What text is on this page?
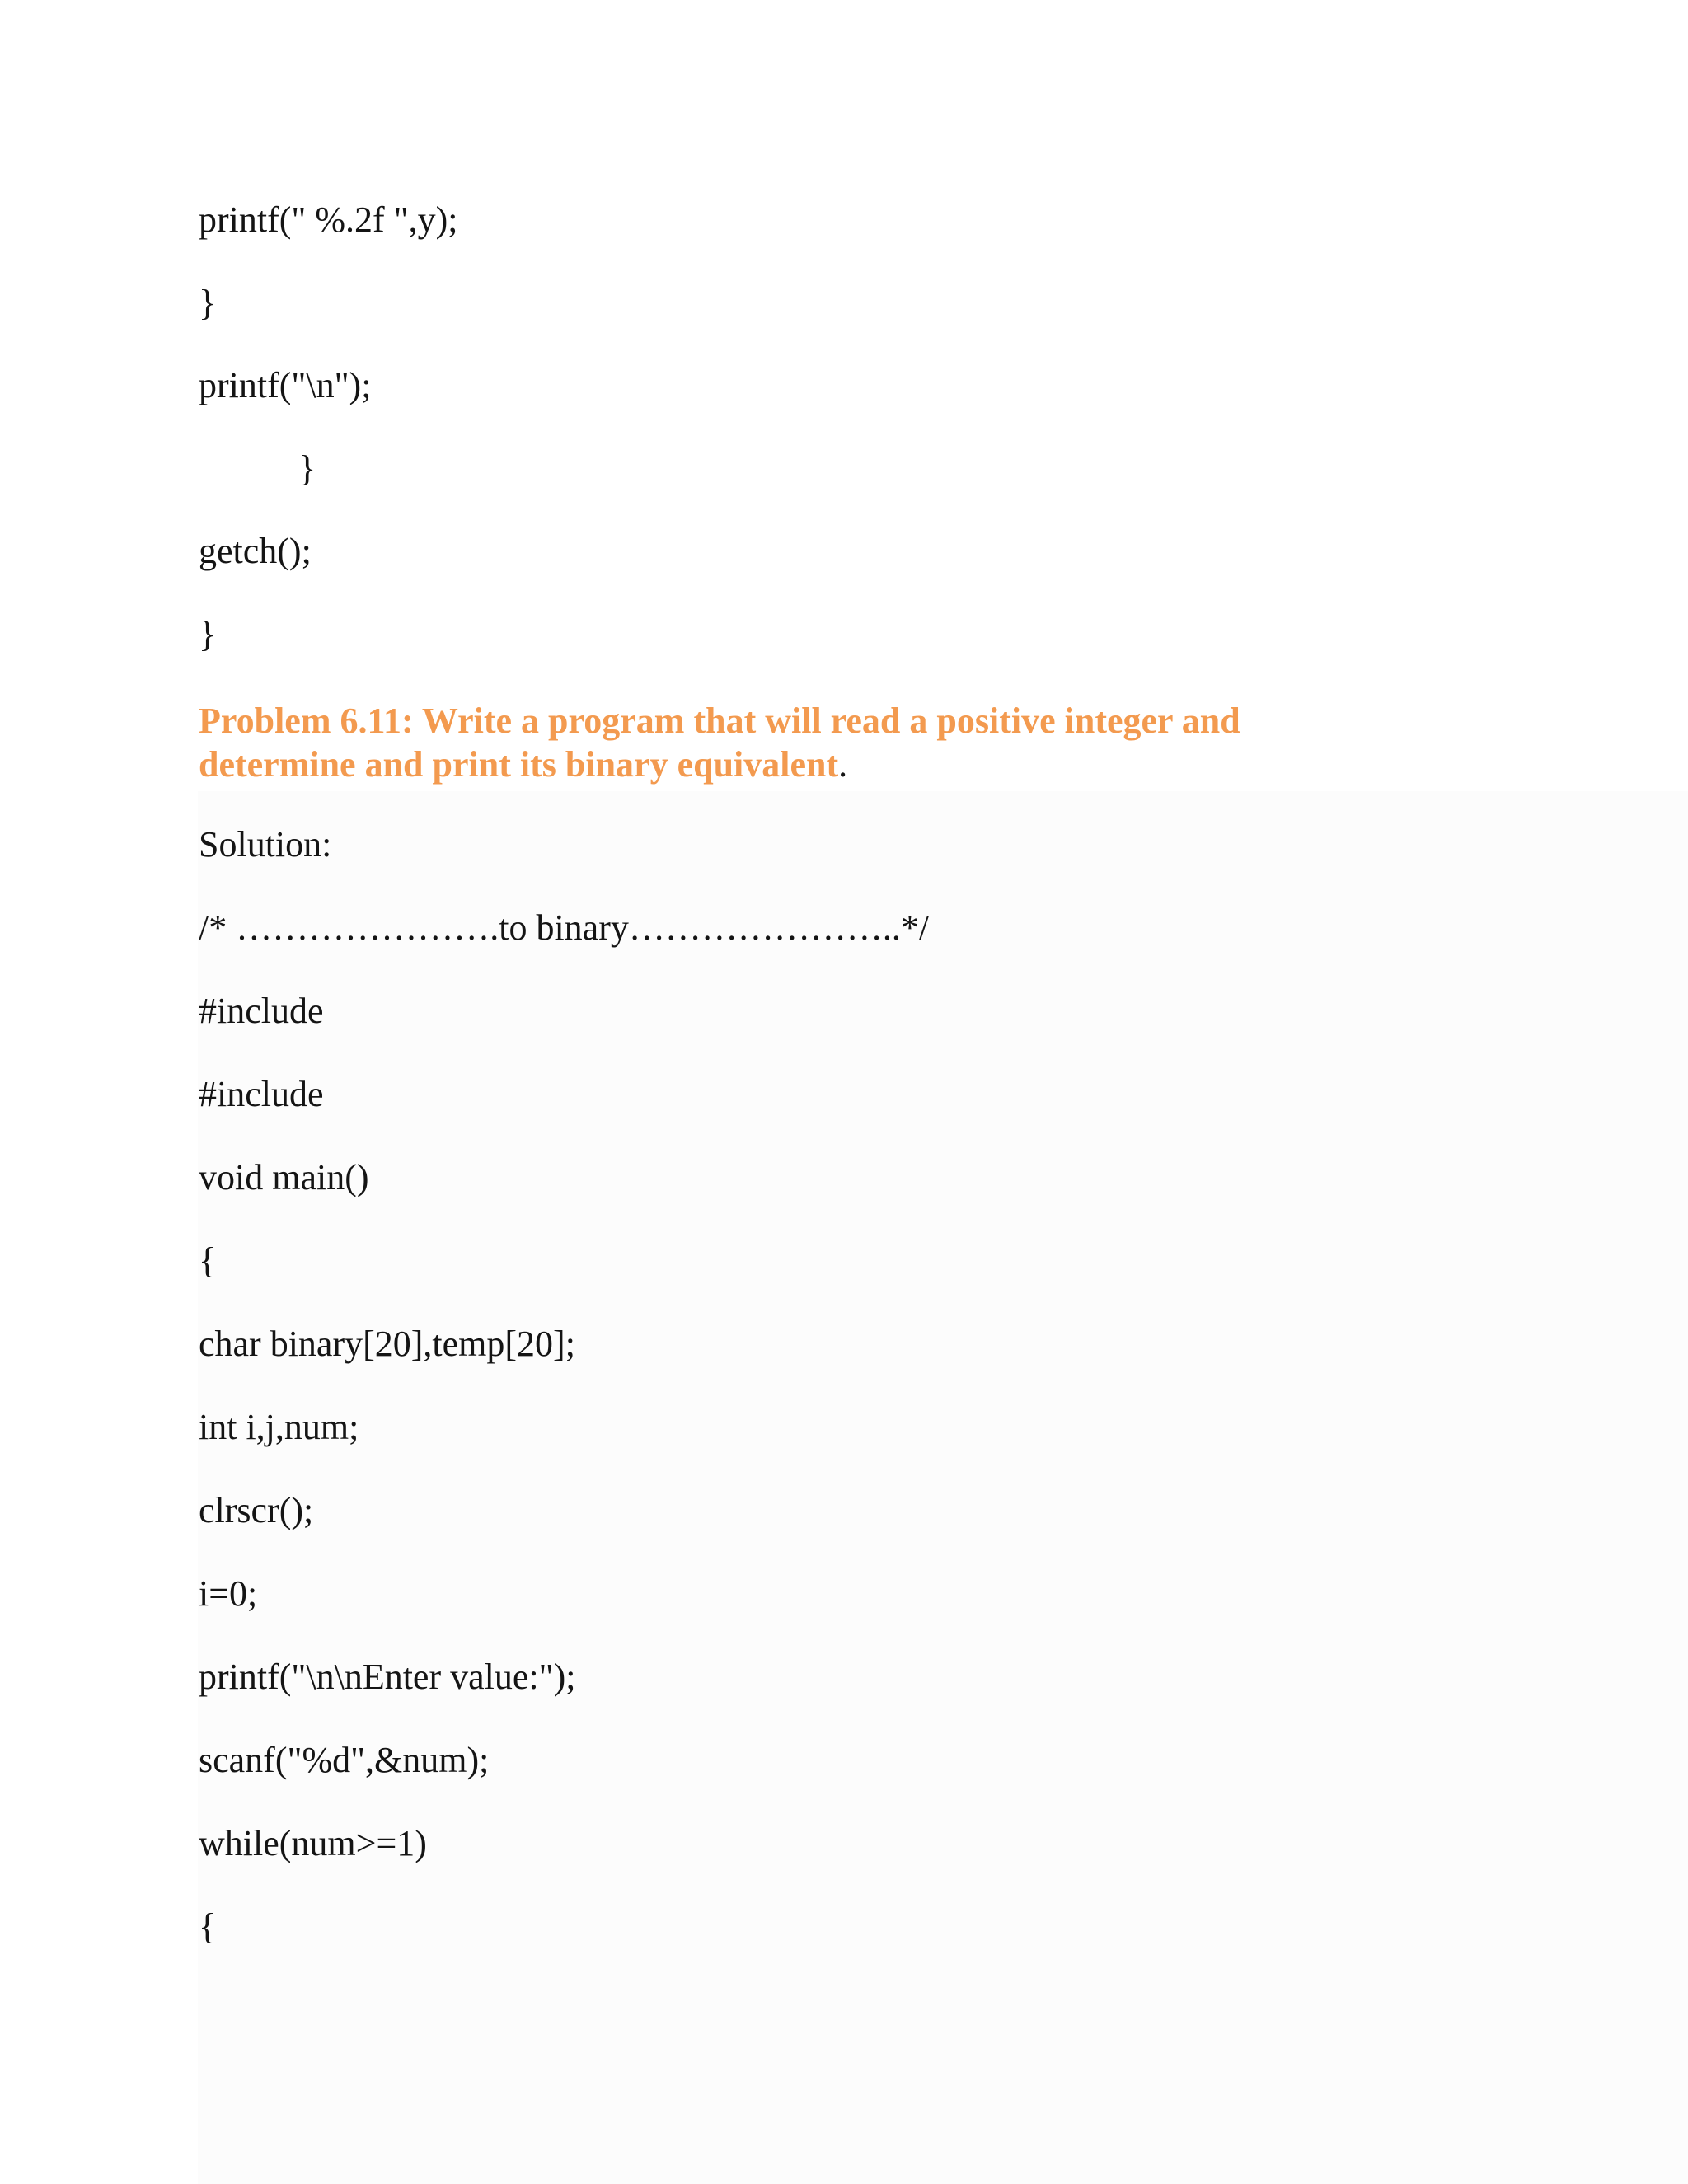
printf(" %.2f ",y);

}

printf("\n");

}

getch();

}

Problem 6.11: Write a program that will read a positive integer and
determine and print its binary equivalent.

Solution:

/* ………………….to binary…………………..*/

#include

#include

void main()

{

char binary[20],temp[20];

int i,j,num;

clrscr();

i=0;

printf("\n\nEnter value:");

scanf("%d",&num);

while(num>=1)

{
